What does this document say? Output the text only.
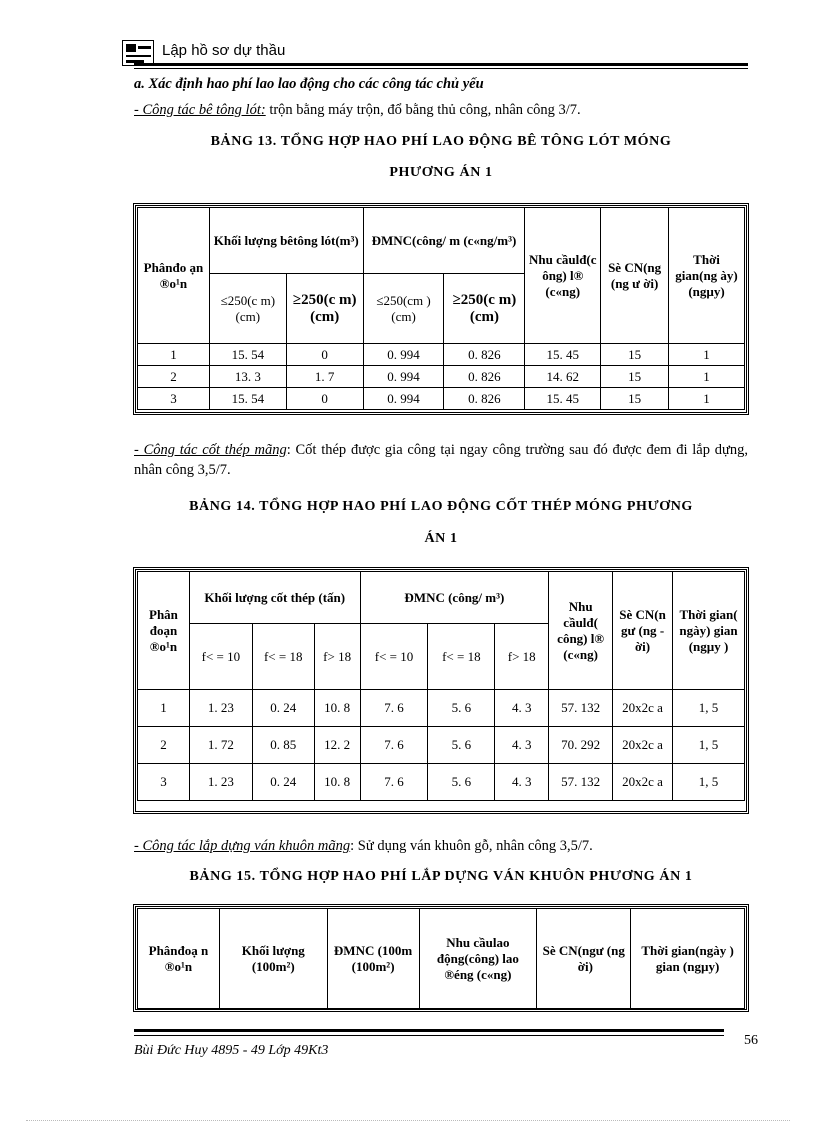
Lập hồ sơ dự thầu
a. Xác định hao phí lao lao động cho các công tác chủ yếu
- Công tác bê tông lót: trộn bằng máy trộn, đổ bằng thủ công, nhân công 3/7.
BẢNG 13. TỔNG HỢP HAO PHÍ LAO ĐỘNG BÊ TÔNG LÓT MÓNG
PHƯƠNG ÁN 1
Phânđo ạn ®o¹n	Khối lượng bêtông lót(m³)		ĐMNC(công/ m (c«ng/m³)		Nhu cầulđ(c ông) l® (c«ng)	Sè CN(ng (ng ư ời)	Thời gian(ng ày) (ngµy)
	≤250(c m) (cm)	≥250(c m) (cm)	≤250(cm ) (cm)	≥250(c m) (cm)			
1	15. 54	0	0. 994	0. 826	15. 45	15	1
2	13. 3	1. 7	0. 994	0. 826	14. 62	15	1
3	15. 54	0	0. 994	0. 826	15. 45	15	1
- Công tác cốt thép mãng: Cốt thép được gia công tại ngay công trường sau đó được đem đi lắp dựng, nhân công 3,5/7.
BẢNG 14. TỔNG HỢP HAO PHÍ LAO ĐỘNG CỐT THÉP MÓNG PHƯƠNG
ÁN 1
Phân đoạn ®o¹n	Khối lượng cốt thép (tấn)			ĐMNC (công/ m³)			Nhu cầulđ( công) l® (c«ng)	Sè CN(n gư (ng ời)	Thời gian( ngày) gian (ngµy )
	f< = 10	f< = 18	f> 18	f< = 10	f< = 18	f> 18			
1	1. 23	0. 24	10. 8	7. 6	5. 6	4. 3	57. 132	20x2c a	1, 5
2	1. 72	0. 85	12. 2	7. 6	5. 6	4. 3	70. 292	20x2c a	1, 5
3	1. 23	0. 24	10. 8	7. 6	5. 6	4. 3	57. 132	20x2c a	1, 5
- Công tác lắp dựng ván khuôn mãng: Sử dụng ván khuôn gỗ, nhân công 3,5/7.
BẢNG 15. TỔNG HỢP HAO PHÍ LẮP DỰNG VÁN KHUÔN PHƯƠNG ÁN 1
Phânđoạ n ®o¹n	Khối lượng (100m²)	ĐMNC (100m (100m²)	Nhu cầulao động(công) lao ®éng (c«ng)	Sè CN(ngư (ng ời)	Thời gian(ngày ) gian (ngµy)
Bùi Đức Huy 4895 - 49 Lớp 49Kt3
56
